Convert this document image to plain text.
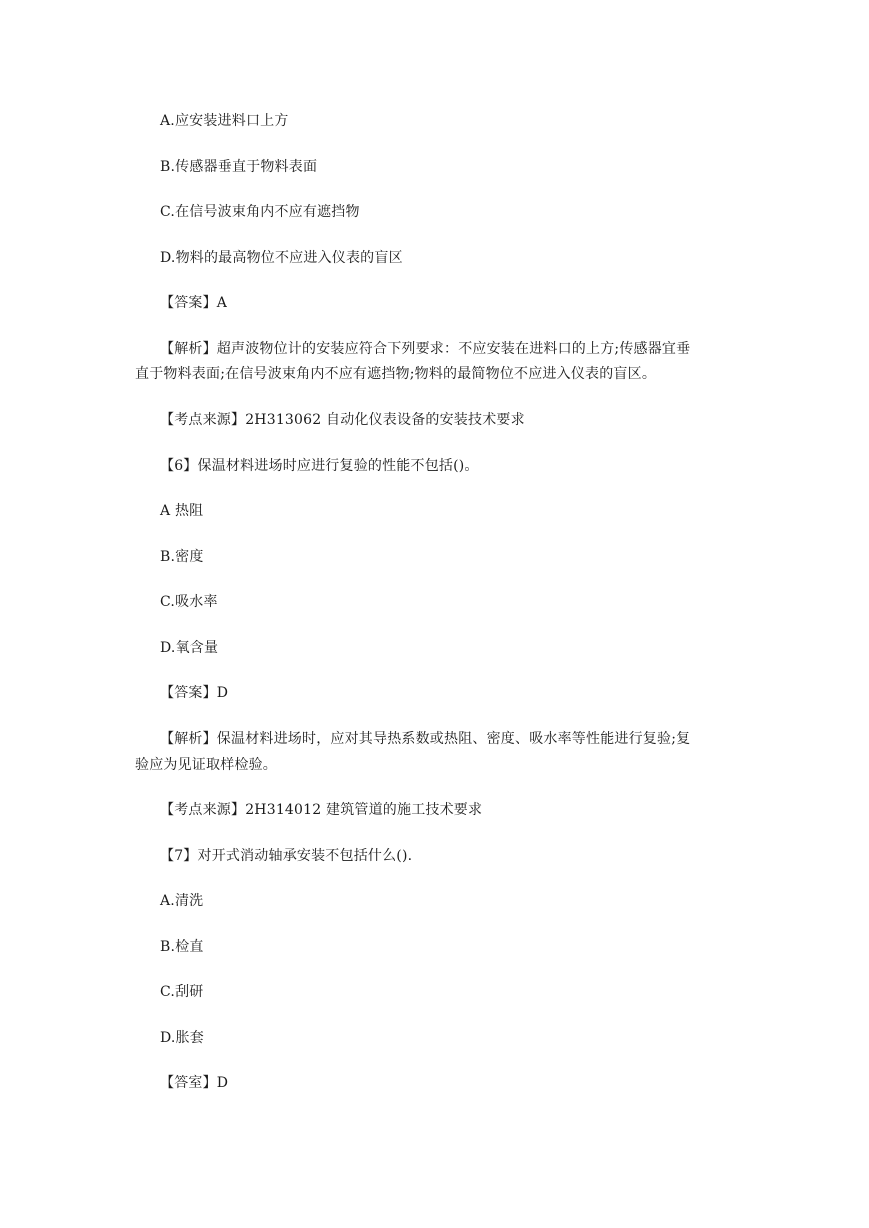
A.应安装进料口上方
B.传感器垂直于物料表面
C.在信号波束角内不应有遮挡物
D.物料的最高物位不应进入仪表的盲区
【答案】A
【解析】超声波物位计的安装应符合下列要求：不应安装在进料口的上方;传感器宜垂
直于物料表面;在信号波束角内不应有遮挡物;物料的最简物位不应进入仪表的盲区。
【考点来源】2H313062 自动化仪表设备的安装技术要求
【6】保温材料进场时应进行复验的性能不包括()。
A 热阻
B.密度
C.吸水率
D.氧含量
【答案】D
【解析】保温材料进场时，应对其导热系数或热阻、密度、吸水率等性能进行复验;复
验应为见证取样检验。
【考点来源】2H314012 建筑管道的施工技术要求
【7】对开式消动轴承安装不包括什么().
A.清洗
B.检直
C.刮研
D.胀套
【答室】D
